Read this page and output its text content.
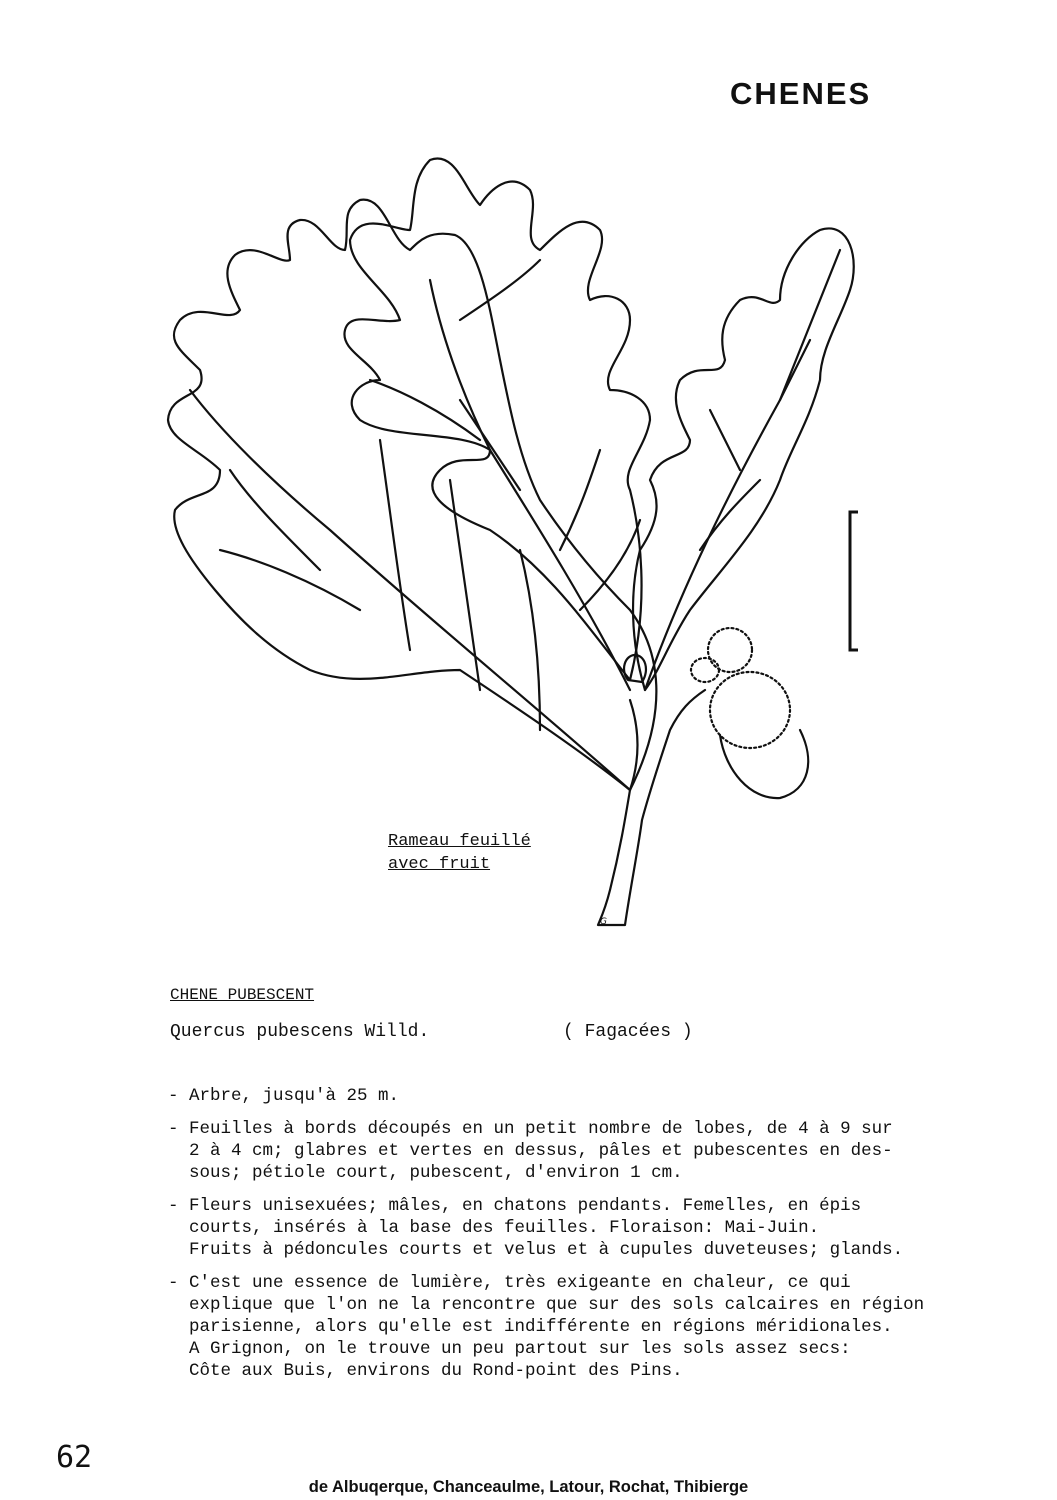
CHENES
Rameau feuillé
avec fruit
G
CHENE PUBESCENT
Quercus pubescens Willd.	( Fagacées )
- Arbre, jusqu'à 25 m.
- Feuilles à bords découpés en un petit nombre de lobes, de 4 à 9 sur
2 à 4 cm; glabres et vertes en dessus, pâles et pubescentes en des-
sous; pétiole court, pubescent, d'environ 1 cm.
- Fleurs unisexuées; mâles, en chatons pendants. Femelles, en épis
courts, insérés à la base des feuilles. Floraison: Mai-Juin.
Fruits à pédoncules courts et velus et à cupules duveteuses; glands.
- C'est une essence de lumière, très exigeante en chaleur, ce qui
explique que l'on ne la rencontre que sur des sols calcaires en région
parisienne, alors qu'elle est indifférente en régions méridionales.
A Grignon, on le trouve un peu partout sur les sols assez secs:
Côte aux Buis, environs du Rond-point des Pins.
62
de Albuqerque, Chanceaulme, Latour, Rochat, Thibierge
